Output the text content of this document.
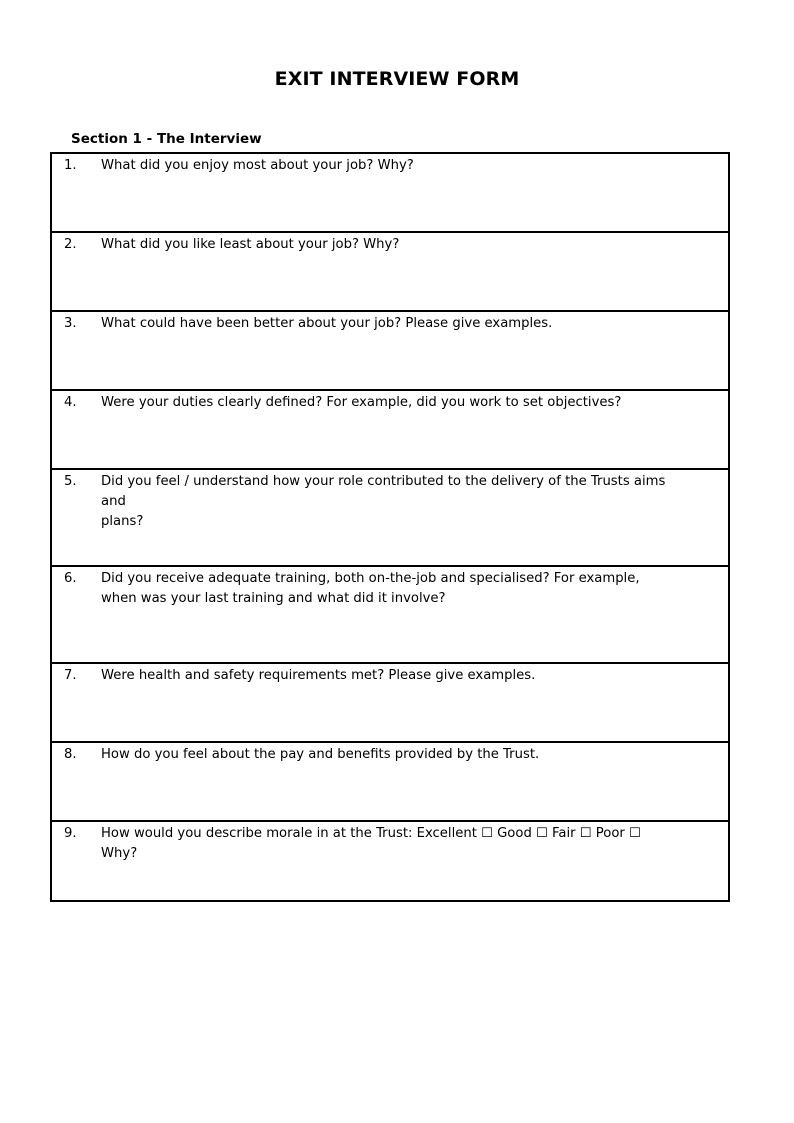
EXIT INTERVIEW FORM
Section 1 - The Interview
1. What did you enjoy most about your job? Why?

2. What did you like least about your job? Why?

3. What could have been better about your job? Please give examples.

4. Were your duties clearly defined? For example, did you work to set objectives?

5. Did you feel / understand how your role contributed to the delivery of the Trusts aims and
plans?

6. Did you receive adequate training, both on-the-job and specialised? For example,
when was your last training and what did it involve?

7. Were health and safety requirements met? Please give examples.

8. How do you feel about the pay and benefits provided by the Trust.

9. How would you describe morale in at the Trust: Excellent ☐ Good ☐ Fair ☐ Poor ☐
Why?
